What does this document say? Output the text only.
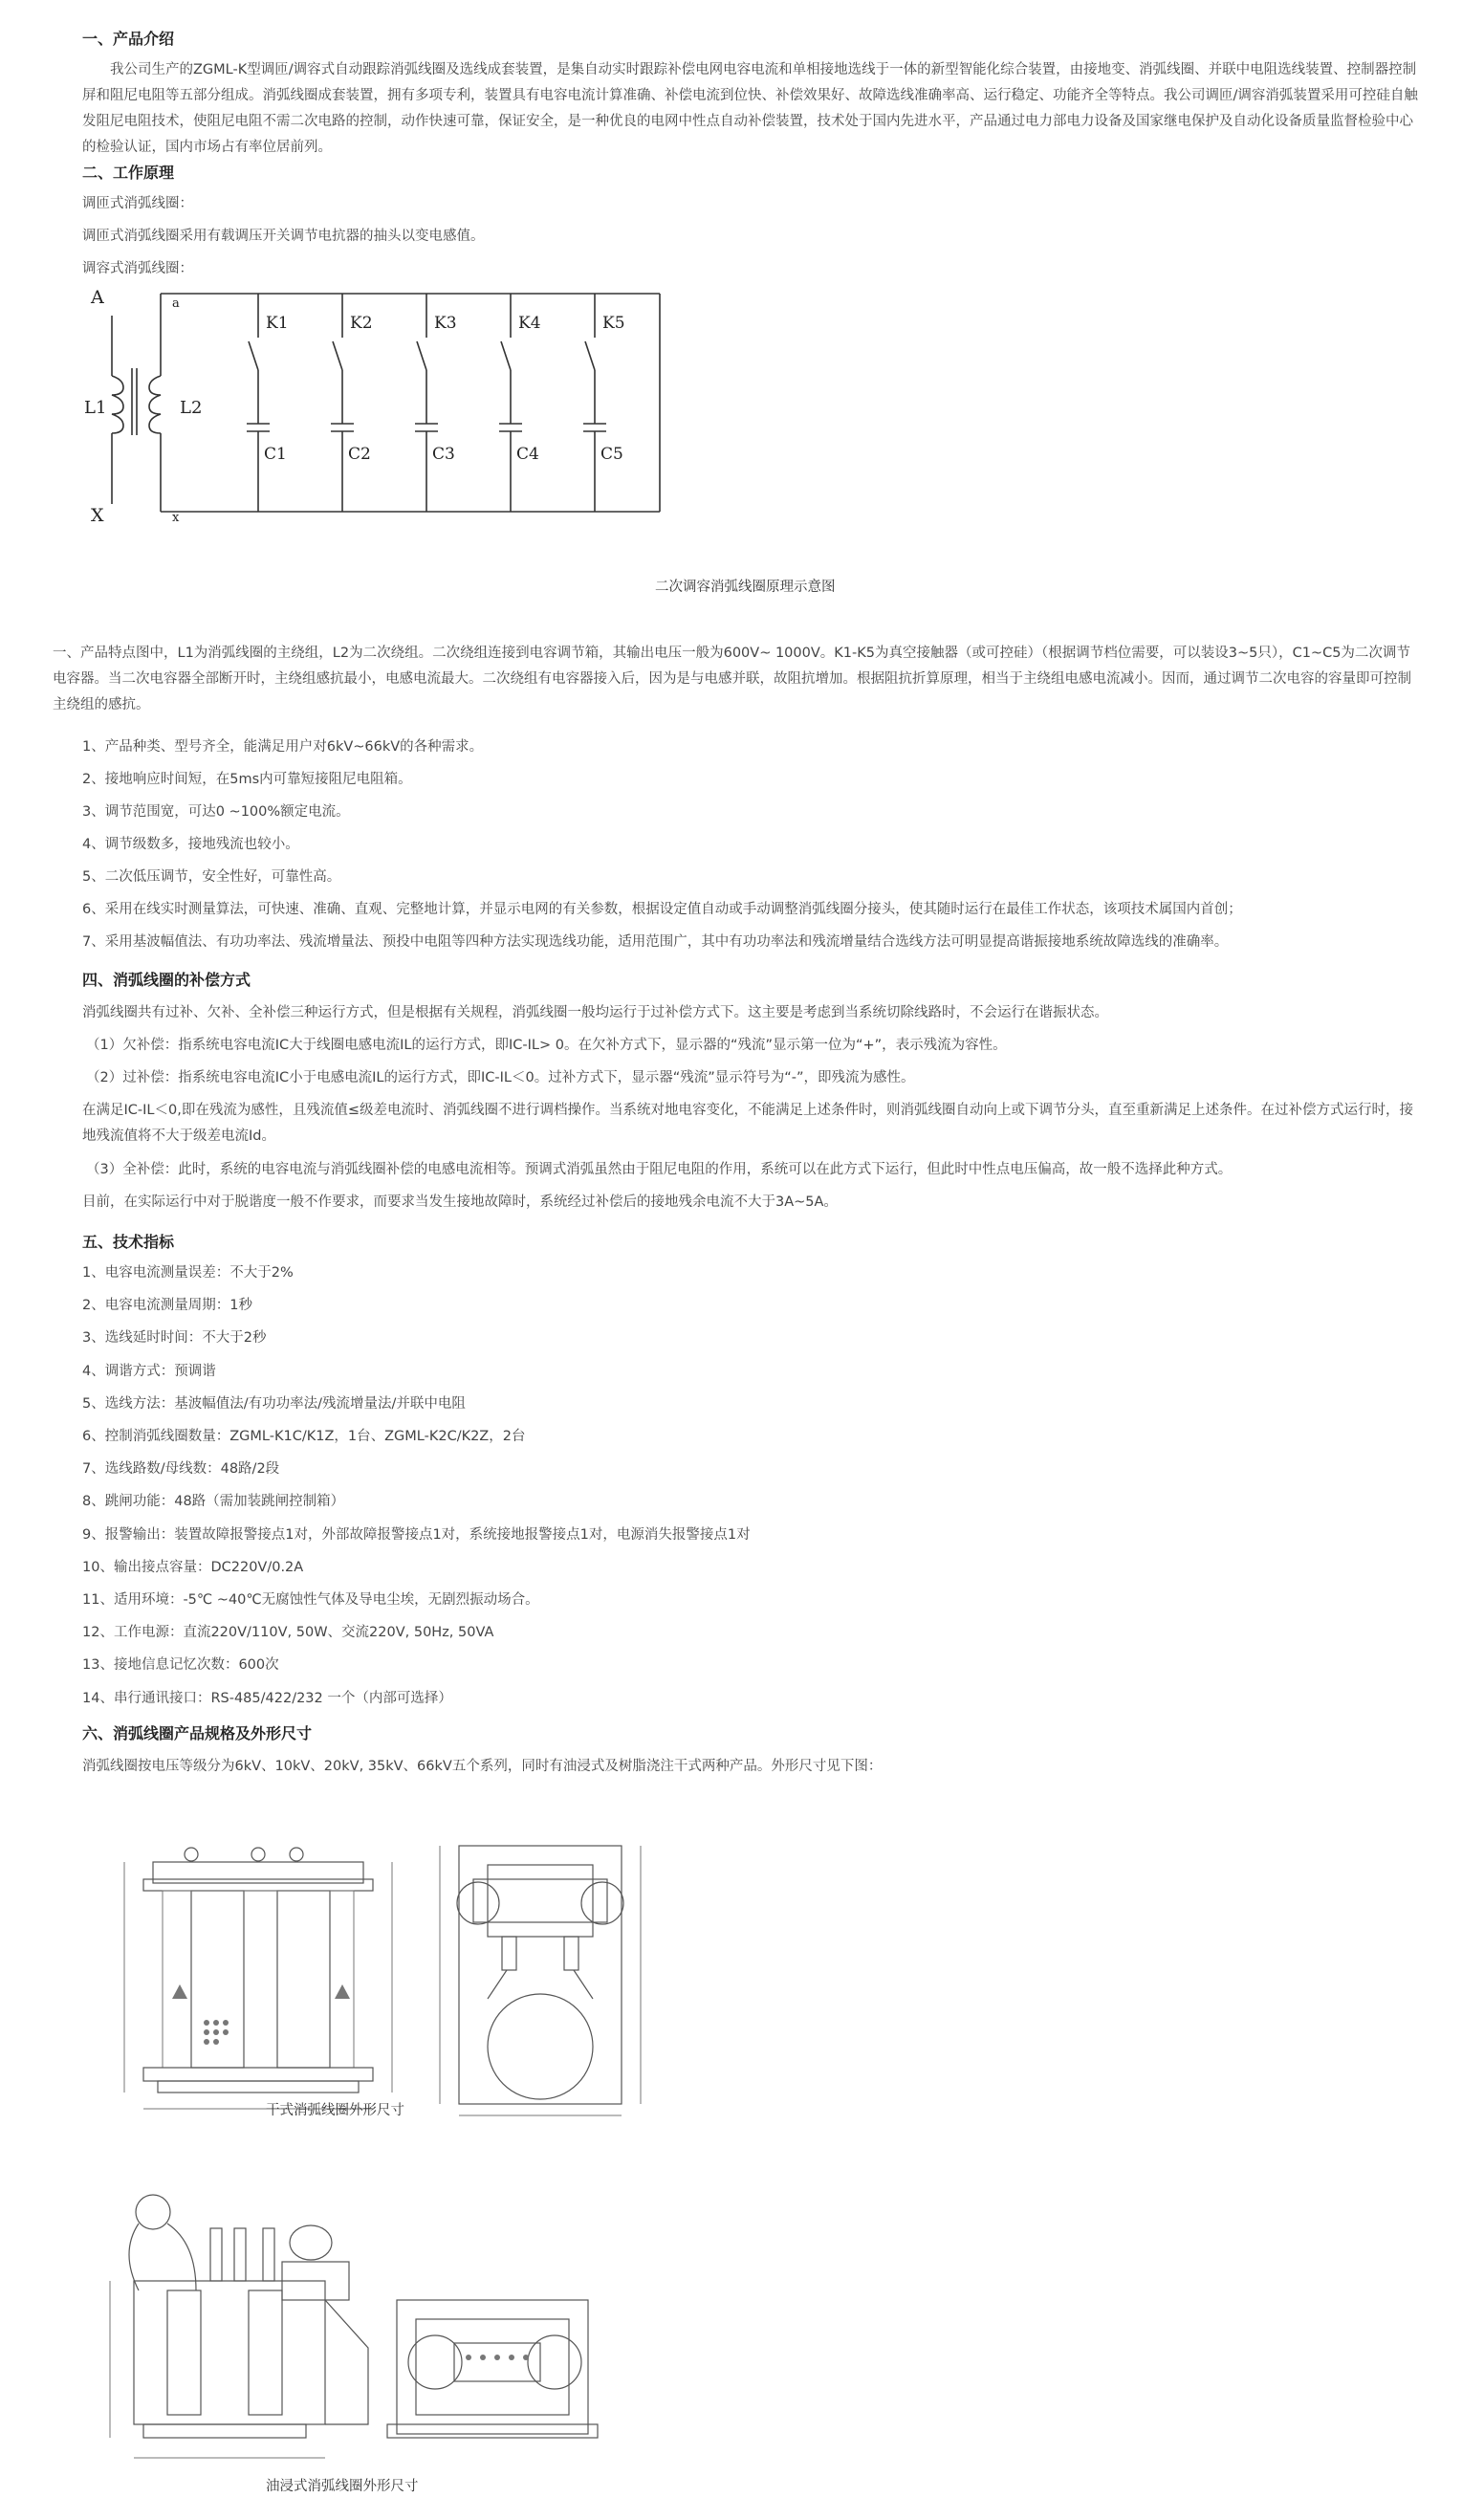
一、产品介绍
我公司生产的ZGML-K型调匝/调容式自动跟踪消弧线圈及选线成套装置，是集自动实时跟踪补偿电网电容电流和单相接地选线于一体的新型智能化综合装置，由接地变、消弧线圈、并联中电阻选线装置、控制器控制屏和阻尼电阻等五部分组成。消弧线圈成套装置，拥有多项专利，装置具有电容电流计算准确、补偿电流到位快、补偿效果好、故障选线准确率高、运行稳定、功能齐全等特点。我公司调匝/调容消弧装置采用可控硅自触发阻尼电阻技术，使阻尼电阻不需二次电路的控制，动作快速可靠，保证安全，是一种优良的电网中性点自动补偿装置，技术处于国内先进水平，产品通过电力部电力设备及国家继电保护及自动化设备质量监督检验中心的检验认证，国内市场占有率位居前列。
二、工作原理
调匝式消弧线圈：
调匝式消弧线圈采用有载调压开关调节电抗器的抽头以变电感值。
调容式消弧线圈：
A
X
L1	L2
a
x
K1
C1
K2
C2
K3
C3
K4
C4
K5
C5
二次调容消弧线圈原理示意图
一、产品特点图中，L1为消弧线圈的主绕组，L2为二次绕组。二次绕组连接到电容调节箱，其输出电压一般为600V~ 1000V。K1-K5为真空接触器（或可控硅）（根据调节档位需要，可以装设3~5只），C1~C5为二次调节电容器。当二次电容器全部断开时，主绕组感抗最小，电感电流最大。二次绕组有电容器接入后，因为是与电感并联，故阻抗增加。根据阻抗折算原理，相当于主绕组电感电流减小。因而，通过调节二次电容的容量即可控制主绕组的感抗。
1、产品种类、型号齐全，能满足用户对6kV~66kV的各种需求。
2、接地响应时间短，在5ms内可靠短接阻尼电阻箱。
3、调节范围宽，可达0 ~100%额定电流。
4、调节级数多，接地残流也较小。
5、二次低压调节，安全性好，可靠性高。
6、采用在线实时测量算法，可快速、准确、直观、完整地计算，并显示电网的有关参数，根据设定值自动或手动调整消弧线圈分接头，使其随时运行在最佳工作状态，该项技术属国内首创；
7、采用基波幅值法、有功功率法、残流增量法、预投中电阻等四种方法实现选线功能，适用范围广，其中有功功率法和残流增量结合选线方法可明显提高谐振接地系统故障选线的准确率。
四、消弧线圈的补偿方式
消弧线圈共有过补、欠补、全补偿三种运行方式，但是根据有关规程，消弧线圈一般均运行于过补偿方式下。这主要是考虑到当系统切除线路时，不会运行在谐振状态。
（1）欠补偿：指系统电容电流IC大于线圈电感电流IL的运行方式，即IC-IL> 0。在欠补方式下，显示器的“残流”显示第一位为“+”，表示残流为容性。
（2）过补偿：指系统电容电流IC小于电感电流IL的运行方式，即IC-IL＜0。过补方式下，显示器“残流”显示符号为“-”，即残流为感性。
在满足IC-IL＜0,即在残流为感性，且残流值≤级差电流时、消弧线圈不进行调档操作。当系统对地电容变化，不能满足上述条件时，则消弧线圈自动向上或下调节分头，直至重新满足上述条件。在过补偿方式运行时，接地残流值将不大于级差电流Id。
（3）全补偿：此时，系统的电容电流与消弧线圈补偿的电感电流相等。预调式消弧虽然由于阻尼电阻的作用，系统可以在此方式下运行，但此时中性点电压偏高，故一般不选择此种方式。
目前，在实际运行中对于脱谐度一般不作要求，而要求当发生接地故障时，系统经过补偿后的接地残余电流不大于3A~5A。
五、技术指标
1、电容电流测量误差：不大于2%
2、电容电流测量周期：1秒
3、选线延时时间：不大于2秒
4、调谐方式：预调谐
5、选线方法：基波幅值法/有功功率法/残流增量法/并联中电阻
6、控制消弧线圈数量：ZGML-K1C/K1Z，1台、ZGML-K2C/K2Z，2台
7、选线路数/母线数：48路/2段
8、跳闸功能：48路（需加装跳闸控制箱）
9、报警输出：装置故障报警接点1对，外部故障报警接点1对，系统接地报警接点1对，电源消失报警接点1对
10、输出接点容量：DC220V/0.2A
11、适用环境：-5℃ ~40℃无腐蚀性气体及导电尘埃，无剧烈振动场合。
12、工作电源：直流220V/110V, 50W、交流220V, 50Hz, 50VA
13、接地信息记忆次数：600次
14、串行通讯接口：RS-485/422/232 一个（内部可选择）
六、消弧线圈产品规格及外形尺寸
消弧线圈按电压等级分为6kV、10kV、20kV, 35kV、66kV五个系列，同时有油浸式及树脂浇注干式两种产品。外形尺寸见下图：
干式消弧线圈外形尺寸
油浸式消弧线圈外形尺寸
